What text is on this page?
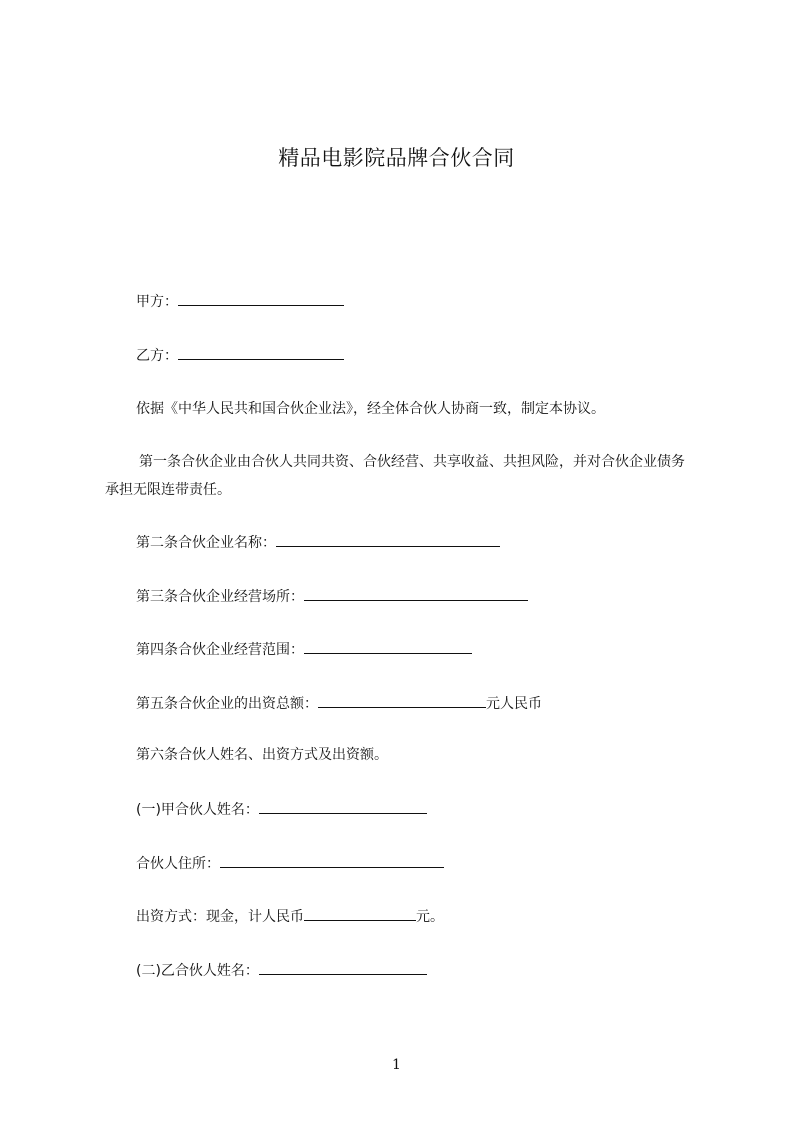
精品电影院品牌合伙合同
甲方：
乙方：
依据《中华人民共和国合伙企业法》，经全体合伙人协商一致，制定本协议。
第一条合伙企业由合伙人共同共资、合伙经营、共享收益、共担风险，并对合伙企业债务承担无限连带责任。
第二条合伙企业名称：
第三条合伙企业经营场所：
第四条合伙企业经营范围：
第五条合伙企业的出资总额：	元人民币
第六条合伙人姓名、出资方式及出资额。
(一)甲合伙人姓名：
合伙人住所：
出资方式：现金，计人民币	元。
(二)乙合伙人姓名：
1
